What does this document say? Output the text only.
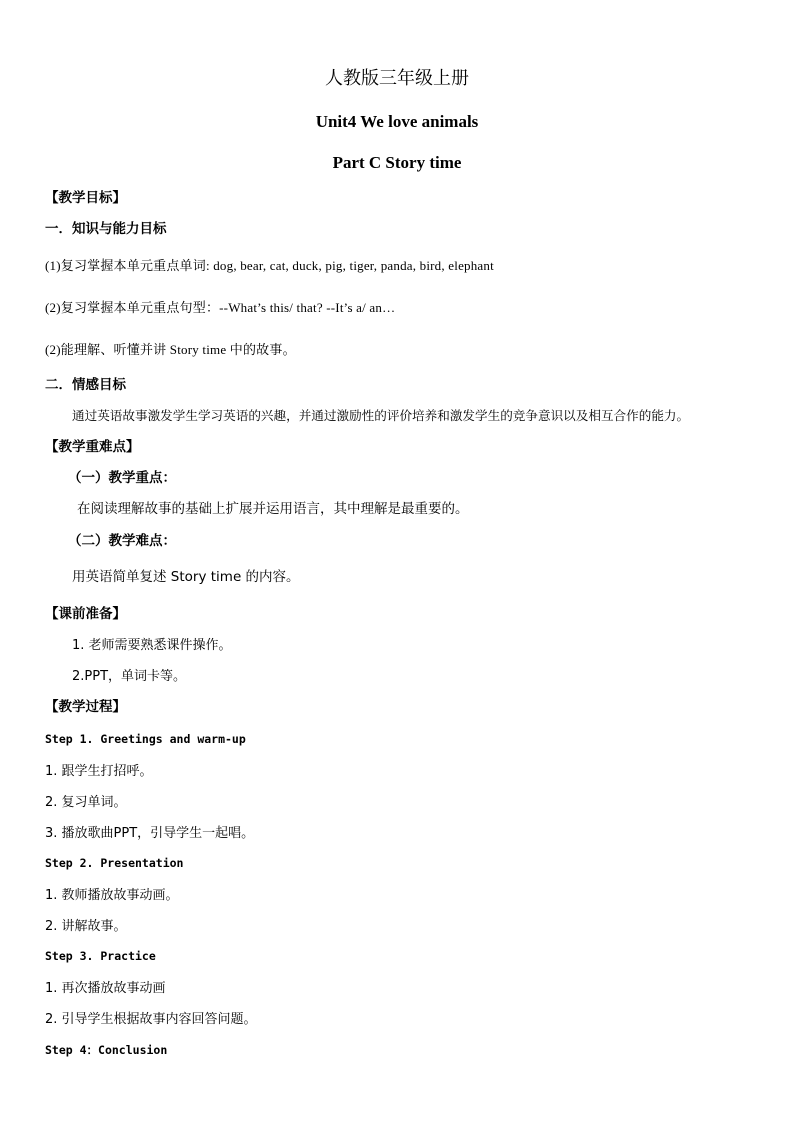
人教版三年级上册
Unit4 We love animals
Part C Story time
【教学目标】
一．知识与能力目标
(1)复习掌握本单元重点单词: dog, bear, cat, duck, pig, tiger, panda, bird, elephant
(2)复习掌握本单元重点句型：--What’s this/ that? --It’s a/ an…
(2)能理解、听懂并讲 Story time 中的故事。
二．情感目标
通过英语故事激发学生学习英语的兴趣，并通过激励性的评价培养和激发学生的竞争意识以及相互合作的能力。
【教学重难点】
（一）教学重点：
在阅读理解故事的基础上扩展并运用语言，其中理解是最重要的。
（二）教学难点：
用英语简单复述 Story time 的内容。
【课前准备】
1. 老师需要熟悉课件操作。
2.PPT，单词卡等。
【教学过程】
Step 1. Greetings and warm-up
1. 跟学生打招呼。
2. 复习单词。
3. 播放歌曲PPT，引导学生一起唱。
Step 2. Presentation
1. 教师播放故事动画。
2. 讲解故事。
Step 3. Practice
1. 再次播放故事动画
2. 引导学生根据故事内容回答问题。
Step 4：Conclusion
